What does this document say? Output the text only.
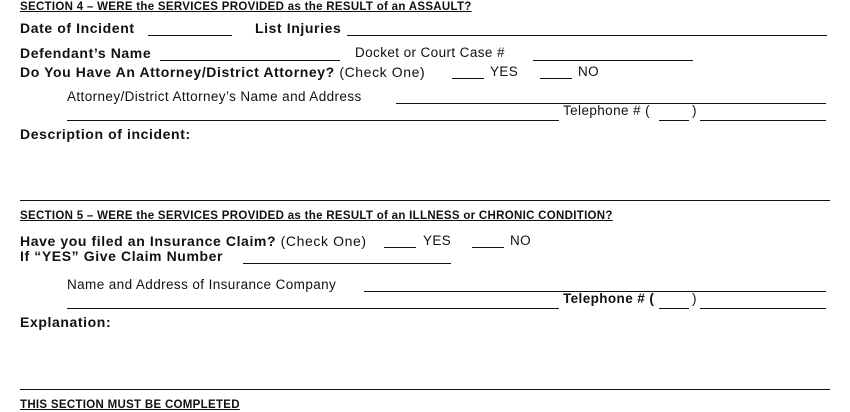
SECTION 4 – WERE the SERVICES PROVIDED as the RESULT of an ASSAULT?
Date of Incident	List Injuries
Defendant’s Name	Docket or Court Case #
Do You Have An Attorney/District Attorney? (Check One)	YES	NO
Attorney/District Attorney’s Name and Address
Telephone # (	)
Description of incident:
SECTION 5 – WERE the SERVICES PROVIDED as the RESULT of an ILLNESS or CHRONIC CONDITION?
Have you filed an Insurance Claim? (Check One)	YES	NO
If “YES” Give Claim Number
Name and Address of Insurance Company
Telephone # (	)
Explanation:
THIS SECTION MUST BE COMPLETED
